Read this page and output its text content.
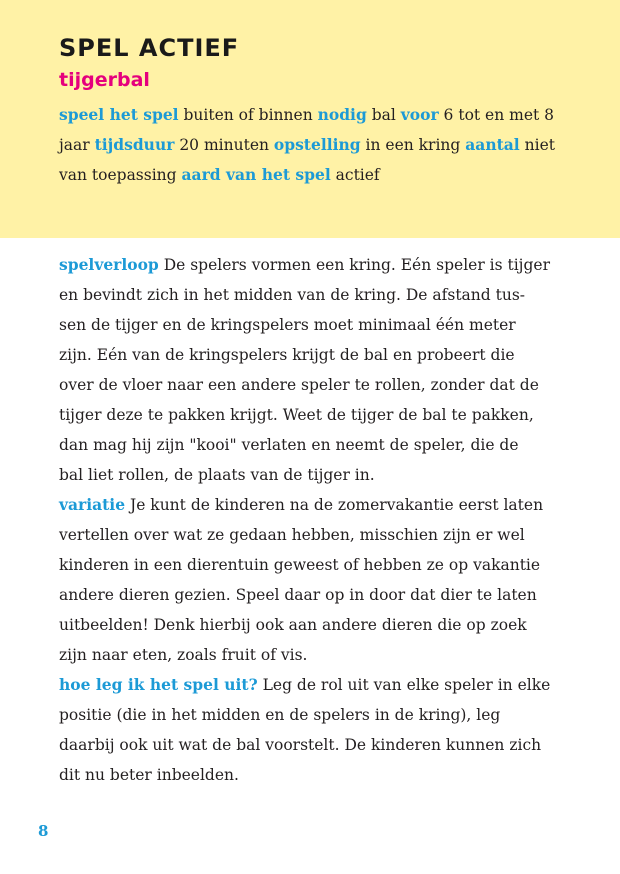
SPEL ACTIEF
tijgerbal
speel het spel buiten of binnen nodig bal voor 6 tot en met 8
jaar tijdsduur 20 minuten opstelling in een kring aantal niet
van toepassing aard van het spel actief
spelverloop De spelers vormen een kring. Eén speler is tijger
en bevindt zich in het midden van de kring. De afstand tus-
sen de tijger en de kringspelers moet minimaal één meter
zijn. Eén van de kringspelers krijgt de bal en probeert die
over de vloer naar een andere speler te rollen, zonder dat de
tijger deze te pakken krijgt. Weet de tijger de bal te pakken,
dan mag hij zijn "kooi" verlaten en neemt de speler, die de
bal liet rollen, de plaats van de tijger in.
variatie Je kunt de kinderen na de zomervakantie eerst laten
vertellen over wat ze gedaan hebben, misschien zijn er wel
kinderen in een dierentuin geweest of hebben ze op vakantie
andere dieren gezien. Speel daar op in door dat dier te laten
uitbeelden! Denk hierbij ook aan andere dieren die op zoek
zijn naar eten, zoals fruit of vis.
hoe leg ik het spel uit? Leg de rol uit van elke speler in elke
positie (die in het midden en de spelers in de kring), leg
daarbij ook uit wat de bal voorstelt. De kinderen kunnen zich
dit nu beter inbeelden.
8
